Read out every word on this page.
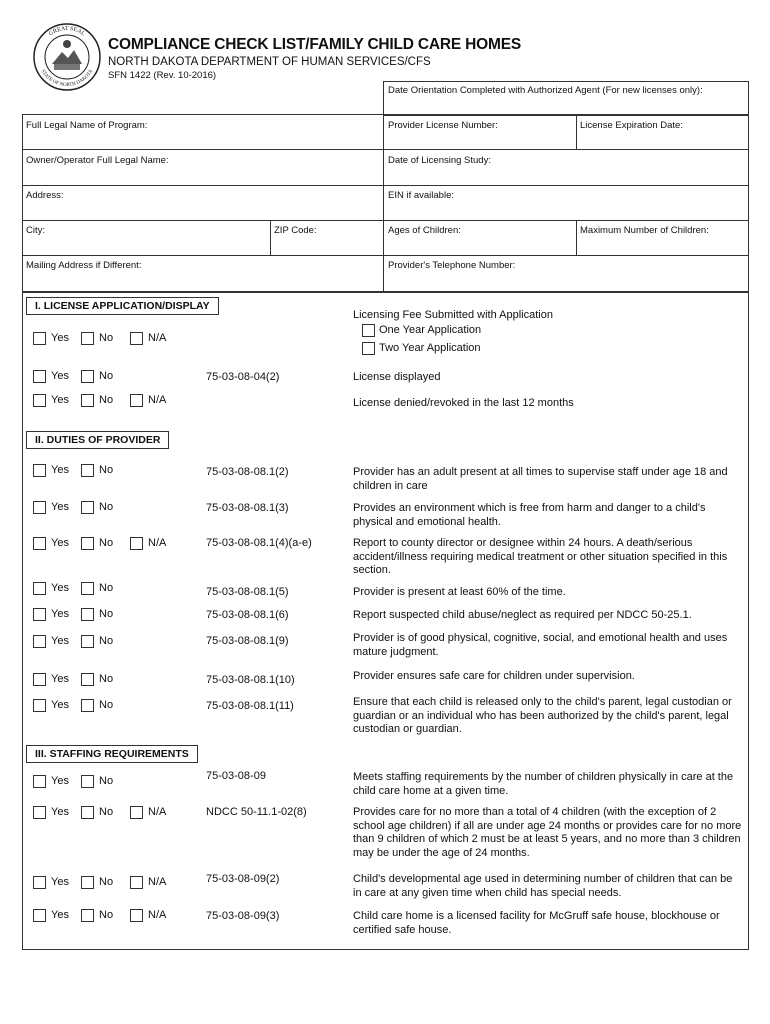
GREAT SEAL
STATE OF NORTH DAKOTA
COMPLIANCE CHECK LIST/FAMILY CHILD CARE HOMES
NORTH DAKOTA DEPARTMENT OF HUMAN SERVICES/CFS
SFN 1422 (Rev. 10-2016)
Date Orientation Completed with Authorized Agent (For new licenses only):
Full Legal Name of Program:	Provider License Number:	License Expiration Date:
Owner/Operator Full Legal Name:	Date of Licensing Study:
Address:	EIN if available:
City:	ZIP Code:	Ages of Children:	Maximum Number of Children:
Mailing Address if Different:	Provider's Telephone Number:
I. LICENSE APPLICATION/DISPLAY
Licensing Fee Submitted with Application
One Year Application
Two Year Application
Yes	No	N/A
Yes	No	75-03-08-04(2)	License displayed
Yes	No	N/A	License denied/revoked in the last 12 months
II. DUTIES OF PROVIDER
Yes	No	75-03-08-08.1(2)	Provider has an adult present at all times to supervise staff under age 18 and children in care
Yes	No	75-03-08-08.1(3)	Provides an environment which is free from harm and danger to a child's physical and emotional health.
Yes	No	N/A	75-03-08-08.1(4)(a-e)	Report to county director or designee within 24 hours. A death/serious accident/illness requiring medical treatment or other situation specified in this section.
Yes	No	75-03-08-08.1(5)	Provider is present at least 60% of the time.
Yes	No	75-03-08-08.1(6)	Report suspected child abuse/neglect as required per NDCC 50-25.1.
Yes	No	75-03-08-08.1(9)	Provider is of good physical, cognitive, social, and emotional health and uses mature judgment.
Yes	No	75-03-08-08.1(10)	Provider ensures safe care for children under supervision.
Yes	No	75-03-08-08.1(11)	Ensure that each child is released only to the child's parent, legal custodian or guardian or an individual who has been authorized by the child's parent, legal custodian or guardian.
III. STAFFING REQUIREMENTS
Yes	No	75-03-08-09	Meets staffing requirements by the number of children physically in care at the child care home at a given time.
Yes	No	N/A	NDCC 50-11.1-02(8)	Provides care for no more than a total of 4 children (with the exception of 2 school age children) if all are under age 24 months or provides care for no more than 9 children of which 2 must be at least 5 years, and no more than 3 children may be under the age of 24 months.
Yes	No	N/A	75-03-08-09(2)	Child's developmental age used in determining number of children that can be in care at any given time when child has special needs.
Yes	No	N/A	75-03-08-09(3)	Child care home is a licensed facility for McGruff safe house, blockhouse or certified safe house.
